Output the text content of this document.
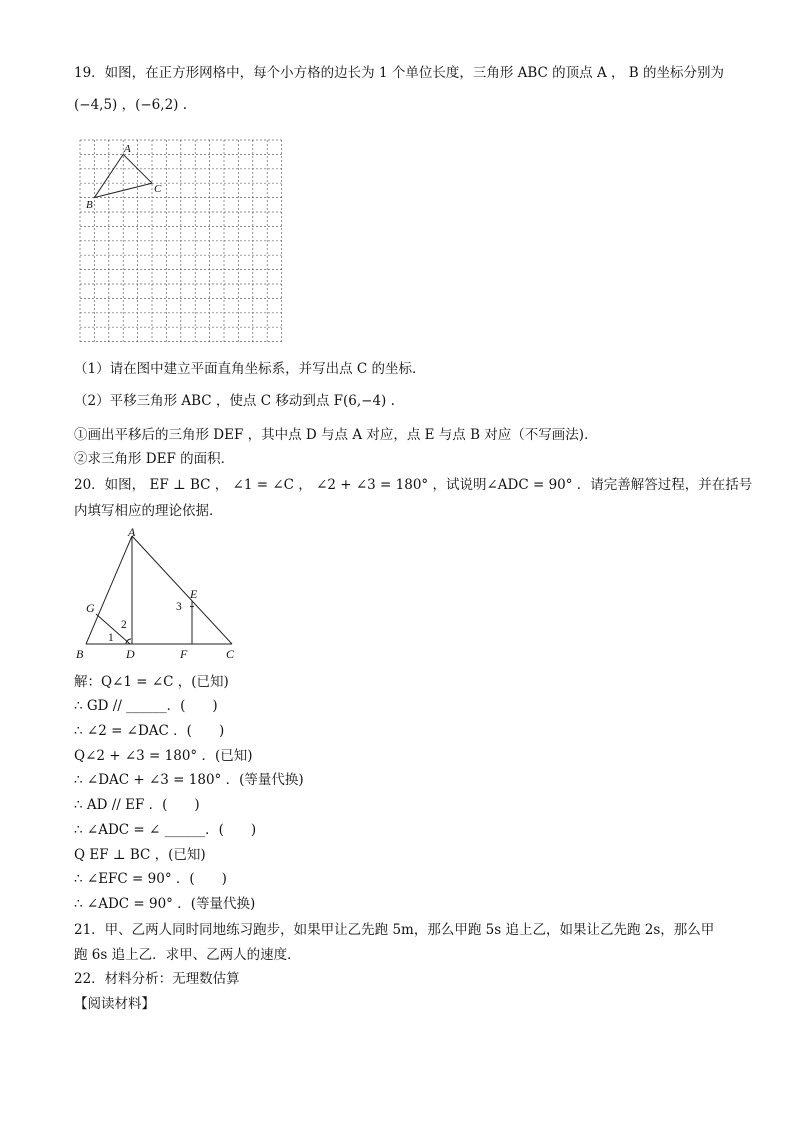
19．如图，在正方形网格中，每个小方格的边长为 1 个单位长度，三角形 ABC 的顶点 A ， B 的坐标分别为
(−4,5) ，(−6,2) .
A
B
C
（1）请在图中建立平面直角坐标系，并写出点 C 的坐标．
（2）平移三角形 ABC ，使点 C 移动到点 F(6,−4) .
①画出平移后的三角形 DEF ，其中点 D 与点 A 对应，点 E 与点 B 对应（不写画法)．
②求三角形 DEF 的面积．
20．如图， EF ⊥ BC ， ∠1 = ∠C ， ∠2 + ∠3 = 180° ，试说明∠ADC = 90° ．请完善解答过程，并在括号
内填写相应的理论依据．
A
B	C
D
E
F
G
1
2
3
解：Q∠1 = ∠C ，(已知)
∴ GD // ______．(　　)
∴ ∠2 = ∠DAC ．(　　)
Q∠2 + ∠3 = 180° ．(已知)
∴ ∠DAC + ∠3 = 180° ．(等量代换)
∴ AD // EF ．(　　)
∴ ∠ADC = ∠ ______．(　　)
Q EF ⊥ BC ，(已知)
∴ ∠EFC = 90° ．(　　)
∴ ∠ADC = 90° ．(等量代换)
21．甲、乙两人同时同地练习跑步，如果甲让乙先跑 5m，那么甲跑 5s 追上乙，如果让乙先跑 2s，那么甲
跑 6s 追上乙．求甲、乙两人的速度．
22．材料分析：无理数估算
【阅读材料】
